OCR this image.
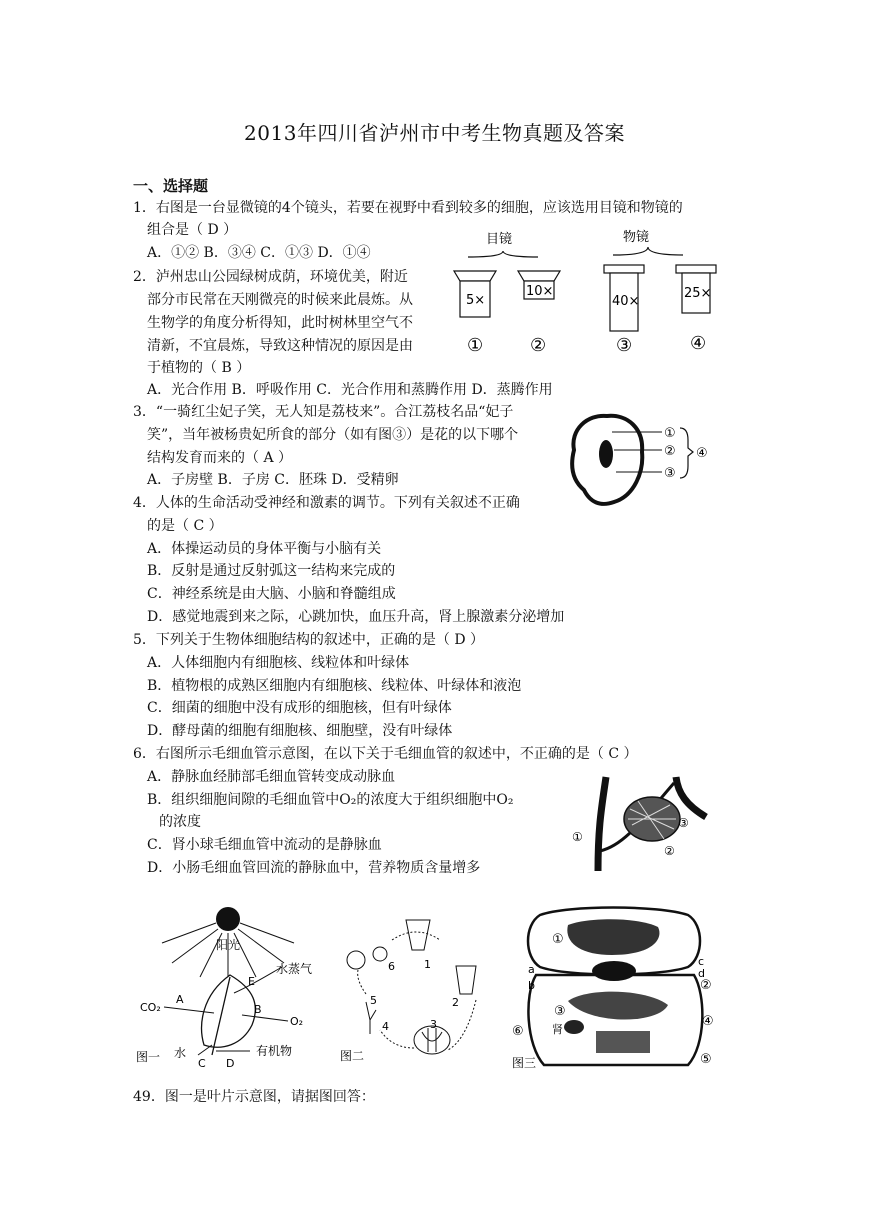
2013年四川省泸州市中考生物真题及答案
一、选择题
1．右图是一台显微镜的4个镜头，若要在视野中看到较多的细胞，应该选用目镜和物镜的
组合是（ D ）
A．①② B．③④ C．①③ D．①④
2．泸州忠山公园绿树成荫，环境优美，附近
部分市民常在天刚微亮的时候来此晨炼。从
生物学的角度分析得知，此时树林里空气不
清新，不宜晨炼，导致这种情况的原因是由
于植物的（ B ）
A．光合作用 B．呼吸作用 C．光合作用和蒸腾作用 D．蒸腾作用
3．“一骑红尘妃子笑，无人知是荔枝来”。合江荔枝名品“妃子
笑”，当年被杨贵妃所食的部分（如有图③）是花的以下哪个
结构发育而来的（ A ）
A．子房壁 B．子房 C．胚珠 D．受精卵
4．人体的生命活动受神经和激素的调节。下列有关叙述不正确
的是（ C ）
A．体操运动员的身体平衡与小脑有关
B．反射是通过反射弧这一结构来完成的
C．神经系统是由大脑、小脑和脊髓组成
D．感觉地震到来之际，心跳加快，血压升高，肾上腺激素分泌增加
5．下列关于生物体细胞结构的叙述中，正确的是（ D ）
A．人体细胞内有细胞核、线粒体和叶绿体
B．植物根的成熟区细胞内有细胞核、线粒体、叶绿体和液泡
C．细菌的细胞中没有成形的细胞核，但有叶绿体
D．酵母菌的细胞有细胞核、细胞壁，没有叶绿体
6．右图所示毛细血管示意图，在以下关于毛细血管的叙述中，不正确的是（ C ）
A．静脉血经肺部毛细血管转变成动脉血
B．组织细胞间隙的毛细血管中O₂的浓度大于组织细胞中O₂
的浓度
C．肾小球毛细血管中流动的是静脉血
D．小肠毛细血管回流的静脉血中，营养物质含量增多
49．图一是叶片示意图，请据图回答：
目镜	物镜
5×
10×
40×
25×
①	②	③	④
①
②
③
④
①
②
③
阳光
E
水蒸气
CO₂
A
B
O₂
水
C D
有机物
图一
1
2
3
4
5
6
图二
①
②
③
④
⑤
⑥
a
b
c
d
肾
图三
